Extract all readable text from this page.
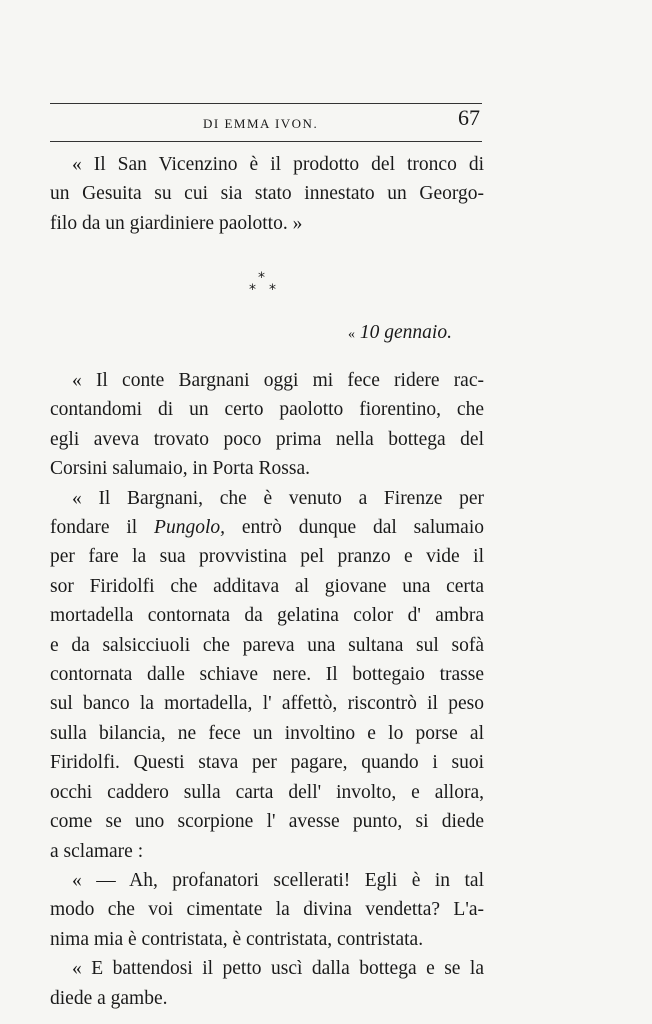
DI EMMA IVON.	67
« Il San Vicenzino è il prodotto del tronco di
un Gesuita su cui sia stato innestato un Georgo-
filo da un giardiniere paolotto. »
*
* *
« 10 gennaio.
« Il conte Bargnani oggi mi fece ridere rac-
contandomi di un certo paolotto fiorentino, che
egli aveva trovato poco prima nella bottega del
Corsini salumaio, in Porta Rossa.
« Il Bargnani, che è venuto a Firenze per
fondare il Pungolo, entrò dunque dal salumaio
per fare la sua provvistina pel pranzo e vide il
sor Firidolfi che additava al giovane una certa
mortadella contornata da gelatina color d' ambra
e da salsicciuoli che pareva una sultana sul sofà
contornata dalle schiave nere. Il bottegaio trasse
sul banco la mortadella, l' affettò, riscontrò il peso
sulla bilancia, ne fece un involtino e lo porse al
Firidolfi. Questi stava per pagare, quando i suoi
occhi caddero sulla carta dell' involto, e allora,
come se uno scorpione l' avesse punto, si diede
a sclamare :
« — Ah, profanatori scellerati! Egli è in tal
modo che voi cimentate la divina vendetta? L'a-
nima mia è contristata, è contristata, contristata.
« E battendosi il petto uscì dalla bottega e se la
diede a gambe.
